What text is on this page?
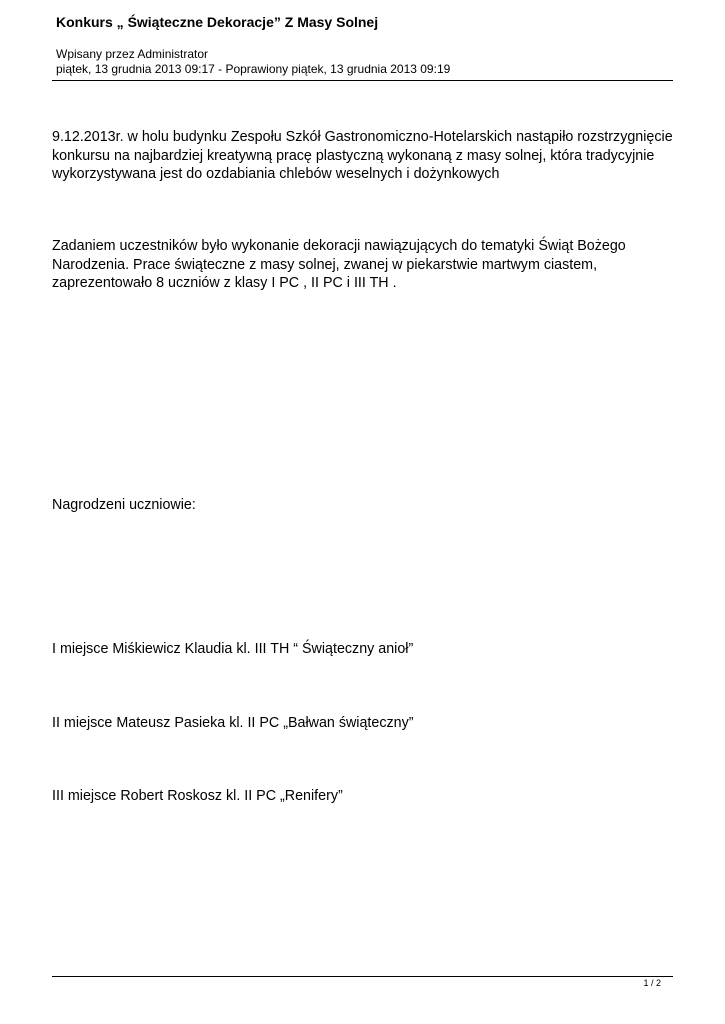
Konkurs „ Świąteczne Dekoracje” Z Masy Solnej
Wpisany przez Administrator
piątek, 13 grudnia 2013 09:17 - Poprawiony piątek, 13 grudnia 2013 09:19

9.12.2013r. w holu budynku Zespołu Szkół Gastronomiczno-Hotelarskich nastąpiło rozstrzygnięcie konkursu na najbardziej kreatywną pracę plastyczną wykonaną z masy solnej, która tradycyjnie wykorzystywana jest do ozdabiania chlebów weselnych i dożynkowych

Zadaniem uczestników było wykonanie dekoracji nawiązujących do tematyki Świąt Bożego Narodzenia. Prace świąteczne z masy solnej, zwanej w piekarstwie martwym ciastem, zaprezentowało 8 uczniów z klasy I PC , II PC i III TH .

Nagrodzeni uczniowie:

I miejsce Miśkiewicz Klaudia kl. III TH “ Świąteczny anioł”

II miejsce Mateusz Pasieka kl. II PC „Bałwan świąteczny”

III miejsce Robert Roskosz kl. II PC „Renifery”

1 / 2
